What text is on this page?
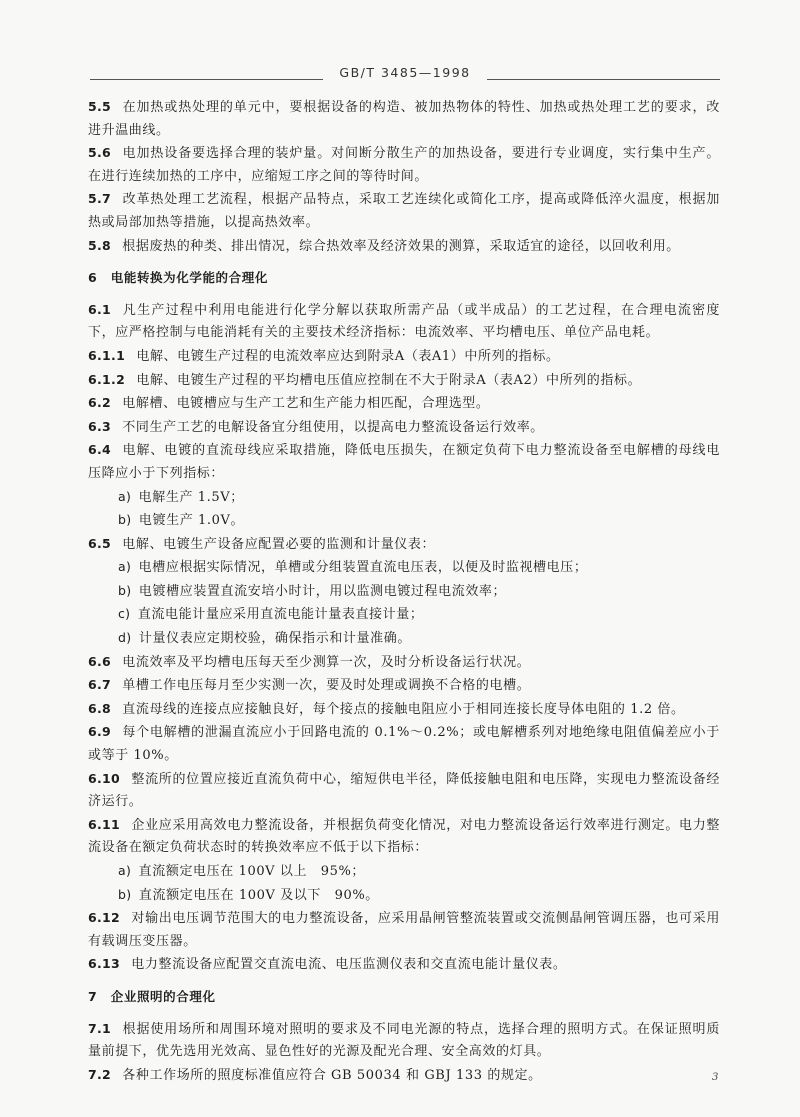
GB/T 3485—1998

5.5 在加热或热处理的单元中，要根据设备的构造、被加热物体的特性、加热或热处理工艺的要求，改进升温曲线。

5.6 电加热设备要选择合理的装炉量。对间断分散生产的加热设备，要进行专业调度，实行集中生产。在进行连续加热的工序中，应缩短工序之间的等待时间。

5.7 改革热处理工艺流程，根据产品特点，采取工艺连续化或简化工序，提高或降低淬火温度，根据加热或局部加热等措施，以提高热效率。

5.8 根据废热的种类、排出情况，综合热效率及经济效果的测算，采取适宜的途径，以回收利用。

6 电能转换为化学能的合理化

6.1 凡生产过程中利用电能进行化学分解以获取所需产品（或半成品）的工艺过程，在合理电流密度下，应严格控制与电能消耗有关的主要技术经济指标：电流效率、平均槽电压、单位产品电耗。

6.1.1 电解、电镀生产过程的电流效率应达到附录A（表A1）中所列的指标。

6.1.2 电解、电镀生产过程的平均槽电压值应控制在不大于附录A（表A2）中所列的指标。

6.2 电解槽、电镀槽应与生产工艺和生产能力相匹配，合理选型。

6.3 不同生产工艺的电解设备宜分组使用，以提高电力整流设备运行效率。

6.4 电解、电镀的直流母线应采取措施，降低电压损失，在额定负荷下电力整流设备至电解槽的母线电压降应小于下列指标：

a) 电解生产 1.5V；

b) 电镀生产 1.0V。

6.5 电解、电镀生产设备应配置必要的监测和计量仪表：

a) 电槽应根据实际情况，单槽或分组装置直流电压表，以便及时监视槽电压；

b) 电镀槽应装置直流安培小时计，用以监测电镀过程电流效率；

c) 直流电能计量应采用直流电能计量表直接计量；

d) 计量仪表应定期校验，确保指示和计量准确。

6.6 电流效率及平均槽电压每天至少测算一次，及时分析设备运行状况。

6.7 单槽工作电压每月至少实测一次，要及时处理或调换不合格的电槽。

6.8 直流母线的连接点应接触良好，每个接点的接触电阻应小于相同连接长度导体电阻的 1.2 倍。

6.9 每个电解槽的泄漏直流应小于回路电流的 0.1%～0.2%；或电解槽系列对地绝缘电阻值偏差应小于或等于 10%。

6.10 整流所的位置应接近直流负荷中心，缩短供电半径，降低接触电阻和电压降，实现电力整流设备经济运行。

6.11 企业应采用高效电力整流设备，并根据负荷变化情况，对电力整流设备运行效率进行测定。电力整流设备在额定负荷状态时的转换效率应不低于以下指标：

a) 直流额定电压在 100V 以上　95%；

b) 直流额定电压在 100V 及以下　90%。

6.12 对输出电压调节范围大的电力整流设备，应采用晶闸管整流装置或交流侧晶闸管调压器，也可采用有载调压变压器。

6.13 电力整流设备应配置交直流电流、电压监测仪表和交直流电能计量仪表。

7 企业照明的合理化

7.1 根据使用场所和周围环境对照明的要求及不同电光源的特点，选择合理的照明方式。在保证照明质量前提下，优先选用光效高、显色性好的光源及配光合理、安全高效的灯具。

7.2 各种工作场所的照度标准值应符合 GB 50034 和 GBJ 133 的规定。	3
